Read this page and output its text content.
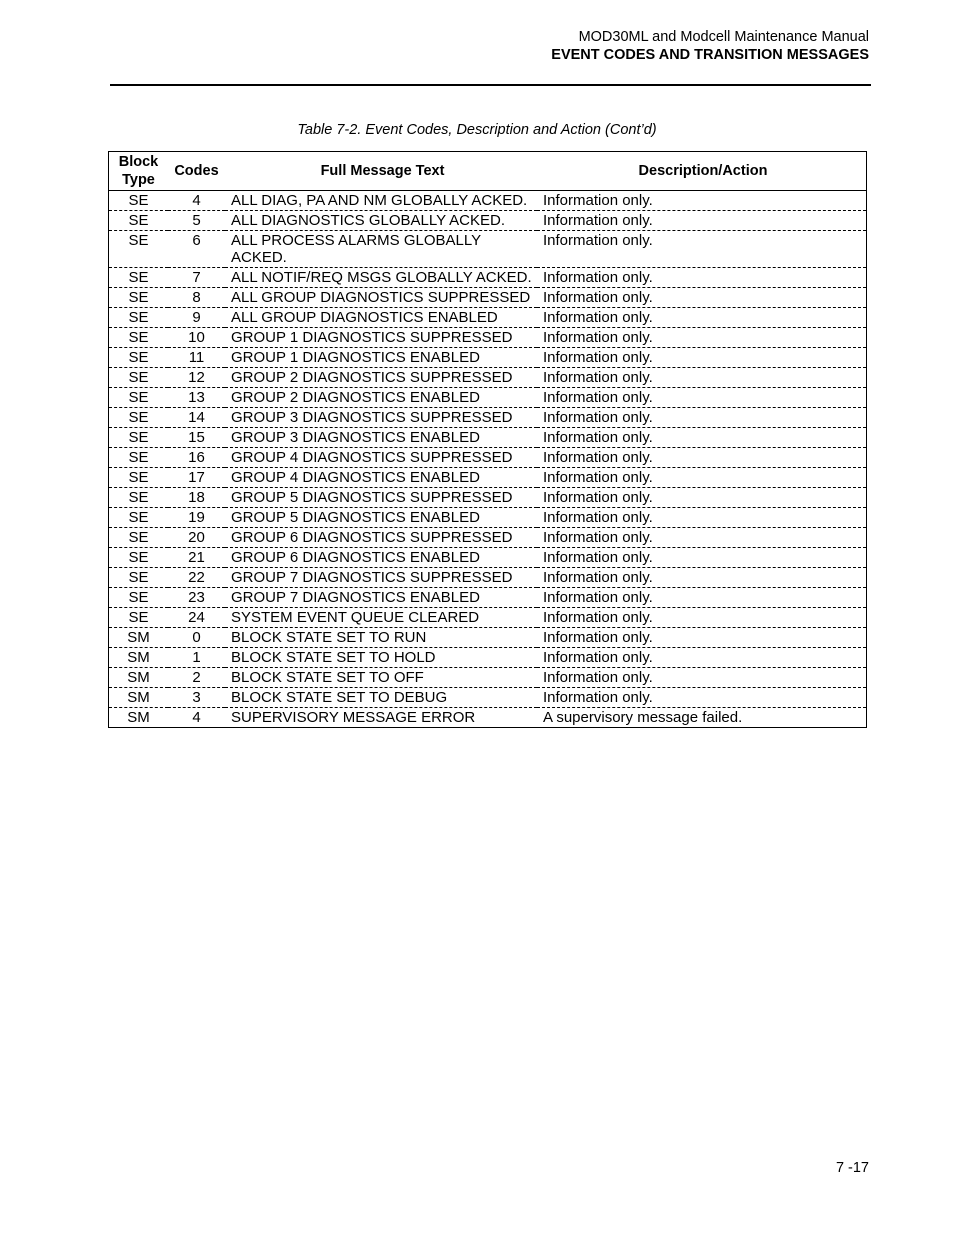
MOD30ML and Modcell Maintenance Manual
EVENT CODES AND TRANSITION MESSAGES
Table 7-2. Event Codes, Description and Action (Cont’d)
Block Type	Codes	Full Message Text	Description/Action
SE	4	ALL DIAG, PA AND NM GLOBALLY ACKED.	Information only.
SE	5	ALL DIAGNOSTICS GLOBALLY ACKED.	Information only.
SE	6	ALL PROCESS ALARMS GLOBALLY ACKED.	Information only.
SE	7	ALL NOTIF/REQ MSGS GLOBALLY ACKED.	Information only.
SE	8	ALL GROUP DIAGNOSTICS SUPPRESSED	Information only.
SE	9	ALL GROUP DIAGNOSTICS ENABLED	Information only.
SE	10	GROUP 1 DIAGNOSTICS SUPPRESSED	Information only.
SE	11	GROUP 1 DIAGNOSTICS ENABLED	Information only.
SE	12	GROUP 2 DIAGNOSTICS SUPPRESSED	Information only.
SE	13	GROUP 2 DIAGNOSTICS ENABLED	Information only.
SE	14	GROUP 3 DIAGNOSTICS SUPPRESSED	Information only.
SE	15	GROUP 3 DIAGNOSTICS ENABLED	Information only.
SE	16	GROUP 4 DIAGNOSTICS SUPPRESSED	Information only.
SE	17	GROUP 4 DIAGNOSTICS ENABLED	Information only.
SE	18	GROUP 5 DIAGNOSTICS SUPPRESSED	Information only.
SE	19	GROUP 5 DIAGNOSTICS ENABLED	Information only.
SE	20	GROUP 6 DIAGNOSTICS SUPPRESSED	Information only.
SE	21	GROUP 6 DIAGNOSTICS ENABLED	Information only.
SE	22	GROUP 7 DIAGNOSTICS SUPPRESSED	Information only.
SE	23	GROUP 7 DIAGNOSTICS ENABLED	Information only.
SE	24	SYSTEM EVENT QUEUE CLEARED	Information only.
SM	0	BLOCK STATE SET TO RUN	Information only.
SM	1	BLOCK STATE SET TO HOLD	Information only.
SM	2	BLOCK STATE SET TO OFF	Information only.
SM	3	BLOCK STATE SET TO DEBUG	Information only.
SM	4	SUPERVISORY MESSAGE ERROR	A supervisory message failed.
7 -17
